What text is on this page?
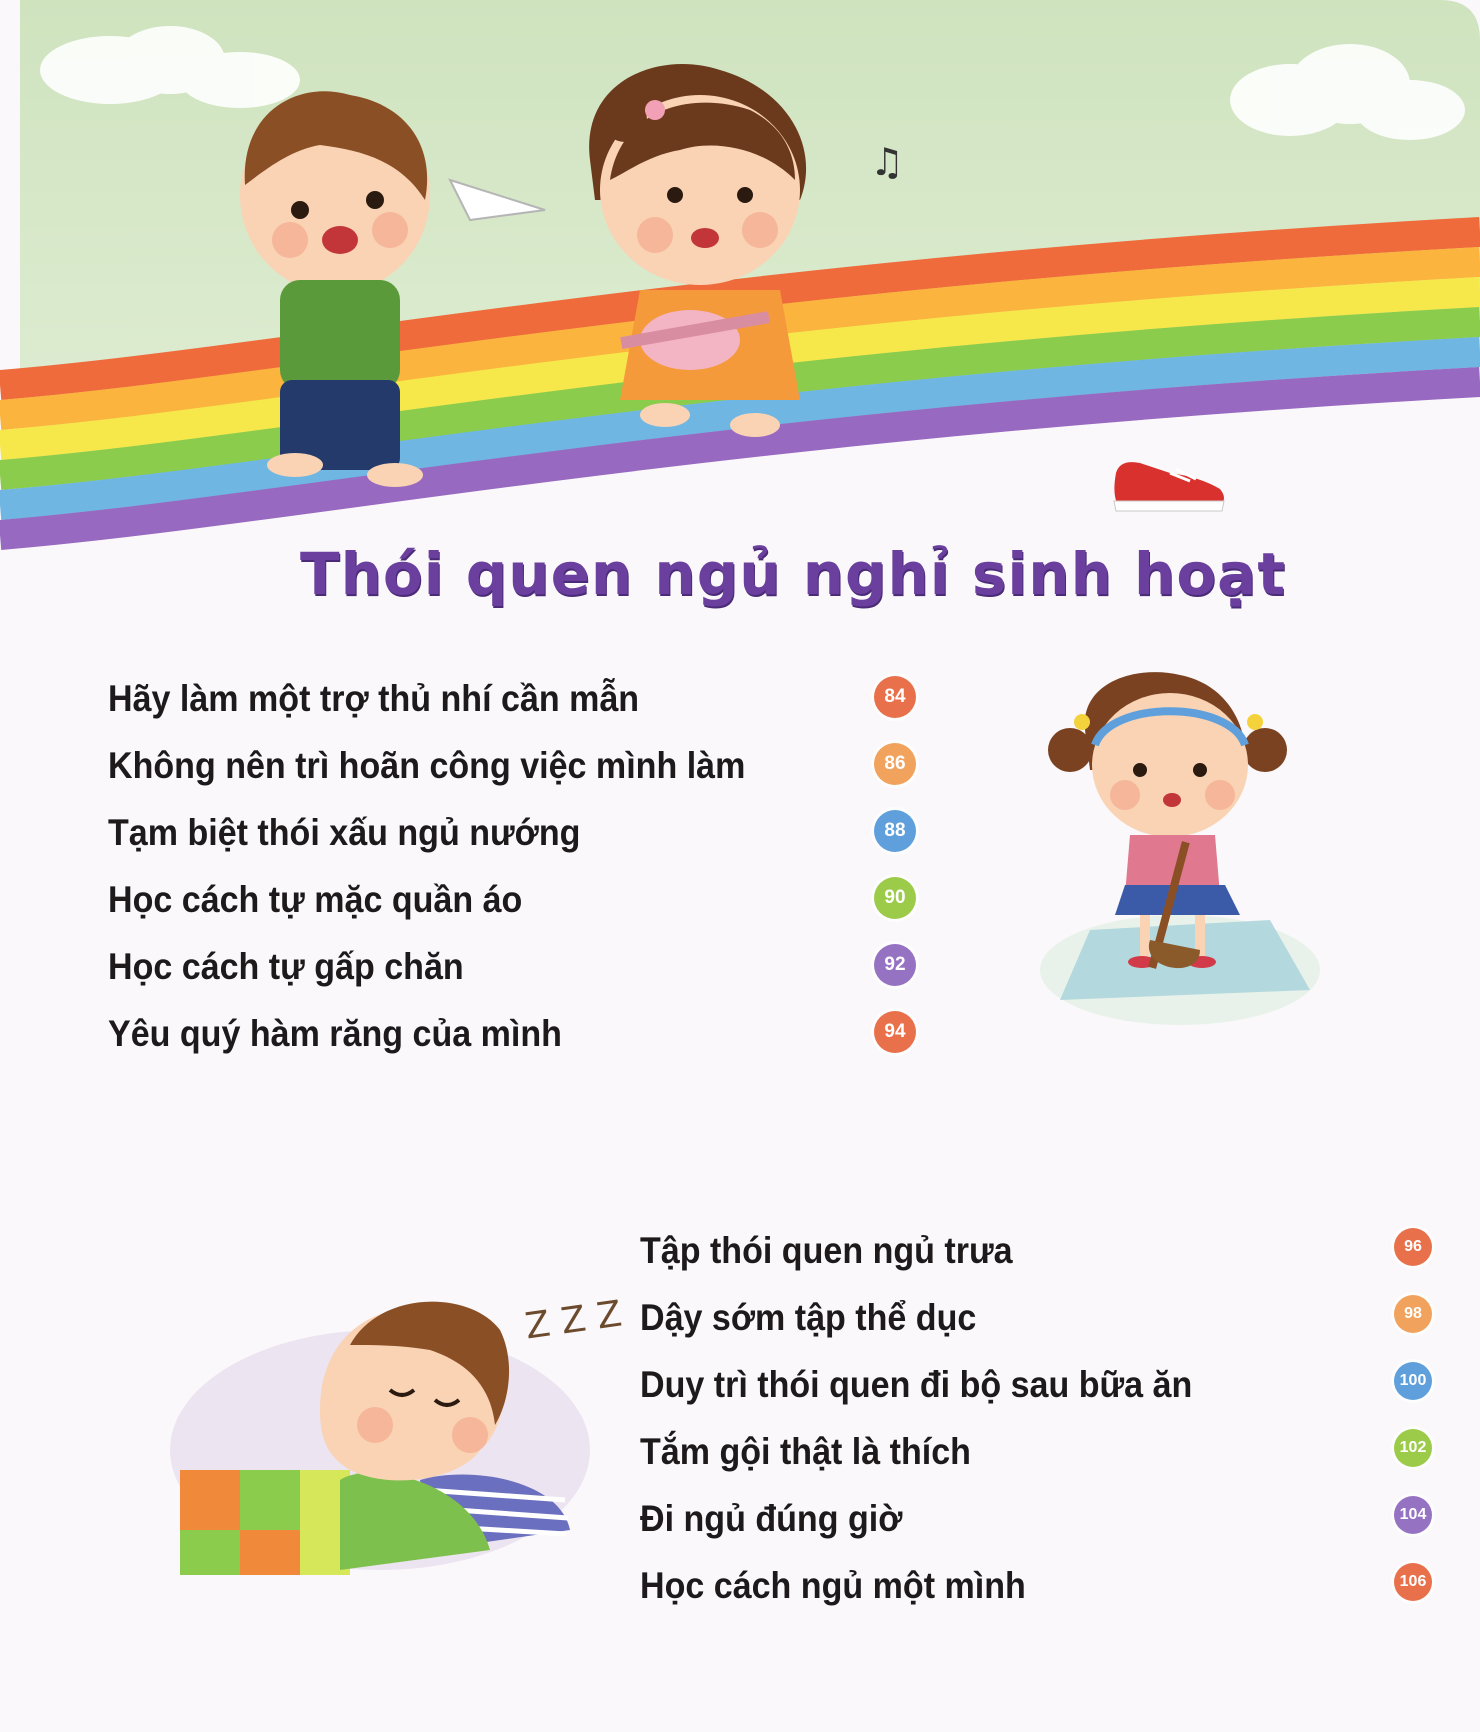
♫
Thói quen ngủ nghỉ sinh hoạt
Hãy làm một trợ thủ nhí cần mẫn	84
Không nên trì hoãn công việc mình làm	86
Tạm biệt thói xấu ngủ nướng	88
Học cách tự mặc quần áo	90
Học cách tự gấp chăn	92
Yêu quý hàm răng của mình	94
Z Z Z
Tập thói quen ngủ trưa	96
Dậy sớm tập thể dục	98
Duy trì thói quen đi bộ sau bữa ăn	100
Tắm gội thật là thích	102
Đi ngủ đúng giờ	104
Học cách ngủ một mình	106
